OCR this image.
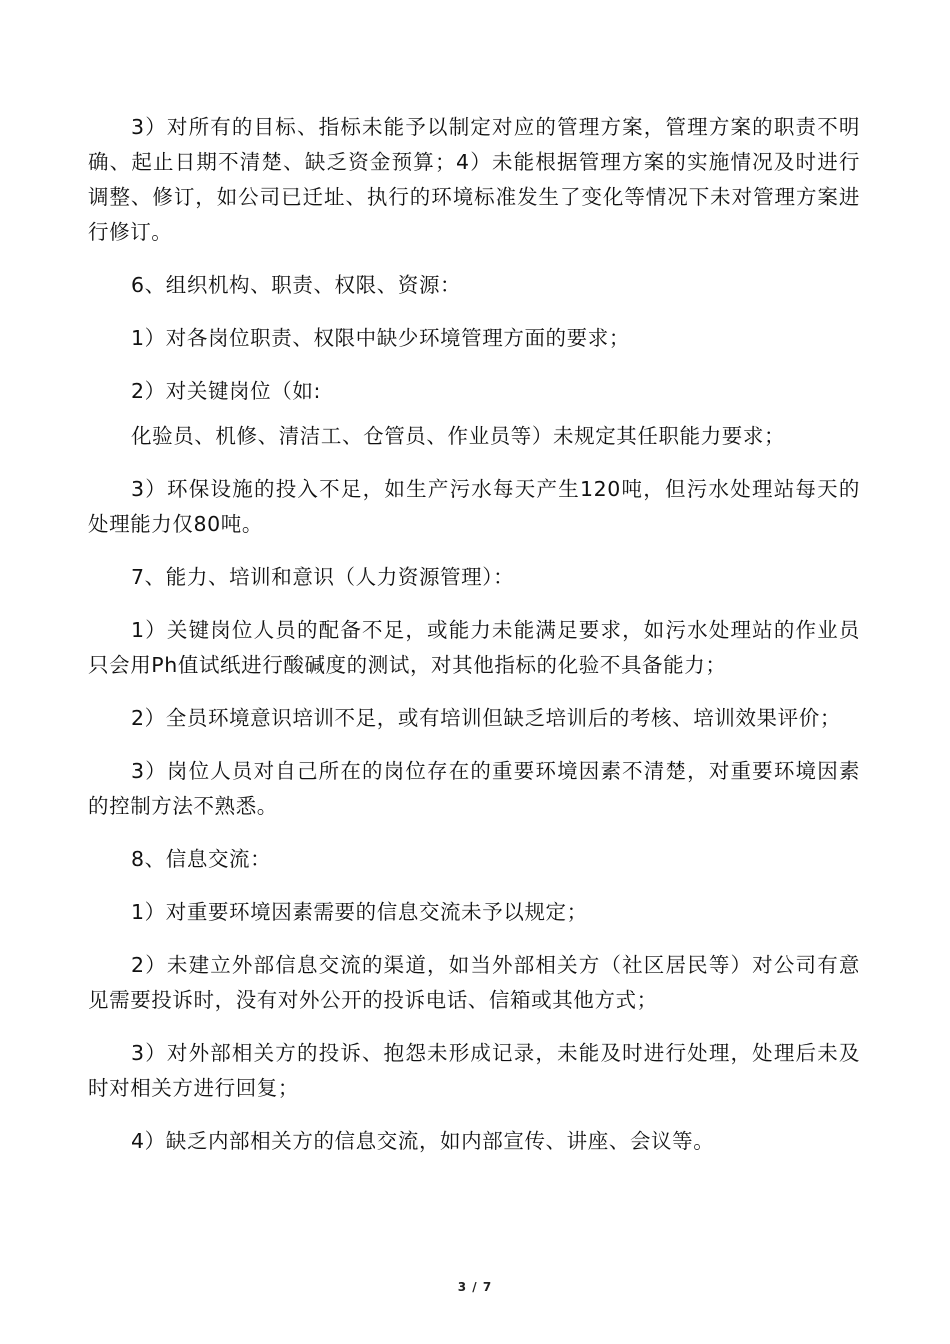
3）对所有的目标、指标未能予以制定对应的管理方案，管理方案的职责不明确、起止日期不清楚、缺乏资金预算；4）未能根据管理方案的实施情况及时进行调整、修订，如公司已迁址、执行的环境标准发生了变化等情况下未对管理方案进行修订。

6、组织机构、职责、权限、资源：

1）对各岗位职责、权限中缺少环境管理方面的要求；

2）对关键岗位（如:

化验员、机修、清洁工、仓管员、作业员等）未规定其任职能力要求；

3）环保设施的投入不足，如生产污水每天产生120吨，但污水处理站每天的处理能力仅80吨。

7、能力、培训和意识（人力资源管理）：

1）关键岗位人员的配备不足，或能力未能满足要求，如污水处理站的作业员只会用Ph值试纸进行酸碱度的测试，对其他指标的化验不具备能力；

2）全员环境意识培训不足，或有培训但缺乏培训后的考核、培训效果评价；

3）岗位人员对自己所在的岗位存在的重要环境因素不清楚，对重要环境因素的控制方法不熟悉。

8、信息交流：

1）对重要环境因素需要的信息交流未予以规定；

2）未建立外部信息交流的渠道，如当外部相关方（社区居民等）对公司有意见需要投诉时，没有对外公开的投诉电话、信箱或其他方式；

3）对外部相关方的投诉、抱怨未形成记录，未能及时进行处理，处理后未及时对相关方进行回复；

4）缺乏内部相关方的信息交流，如内部宣传、讲座、会议等。

3 / 7
